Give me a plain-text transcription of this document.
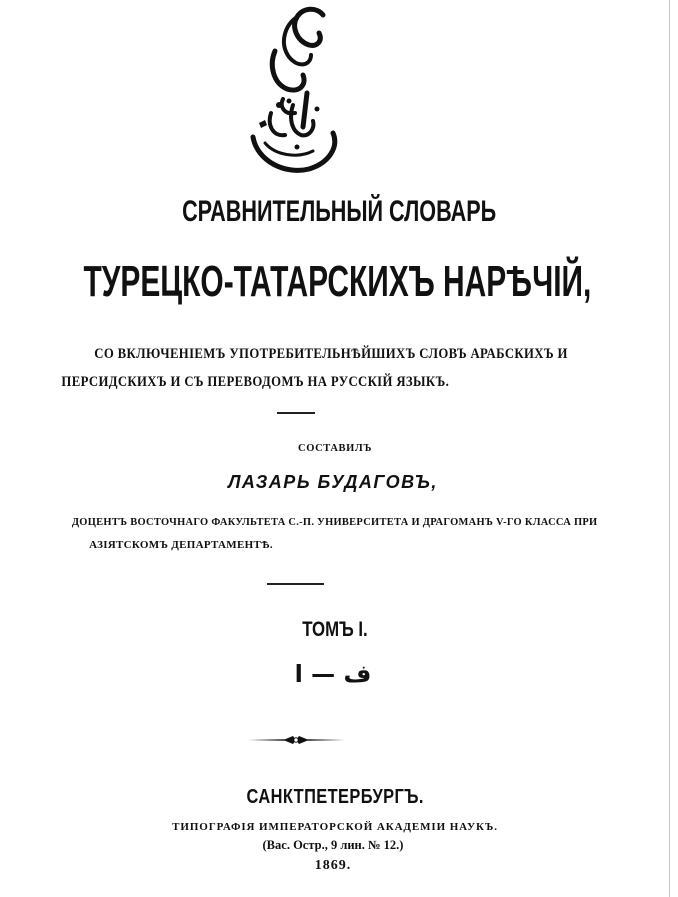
СРАВНИТЕЛЬНЫЙ СЛОВАРЬ
ТУРЕЦКО-ТАТАРСКИХЪ НАРѢЧІЙ,
СО ВКЛЮЧЕНІЕМЪ УПОТРЕБИТЕЛЬНѢЙШИХЪ СЛОВЪ АРАБСКИХЪ И
ПЕРСИДСКИХЪ И СЪ ПЕРЕВОДОМЪ НА РУССКІЙ ЯЗЫКЪ.
СОСТАВИЛЪ
ЛАЗАРЬ БУДАГОВЪ,
ДОЦЕНТЪ ВОСТОЧНАГО ФАКУЛЬТЕТА С.-П. УНИВЕРСИТЕТА И ДРАГОМАНЪ V-ГО КЛАССА ПРИ
АЗІЯТСКОМЪ ДЕПАРТАМЕНТѢ.
ТОМЪ I.
ف — ا
САНКТПЕТЕРБУРГЪ.
ТИПОГРАФІЯ ИМПЕРАТОРСКОЙ АКАДЕМІИ НАУКЪ.
(Вас. Остр., 9 лин. № 12.)
1869.
